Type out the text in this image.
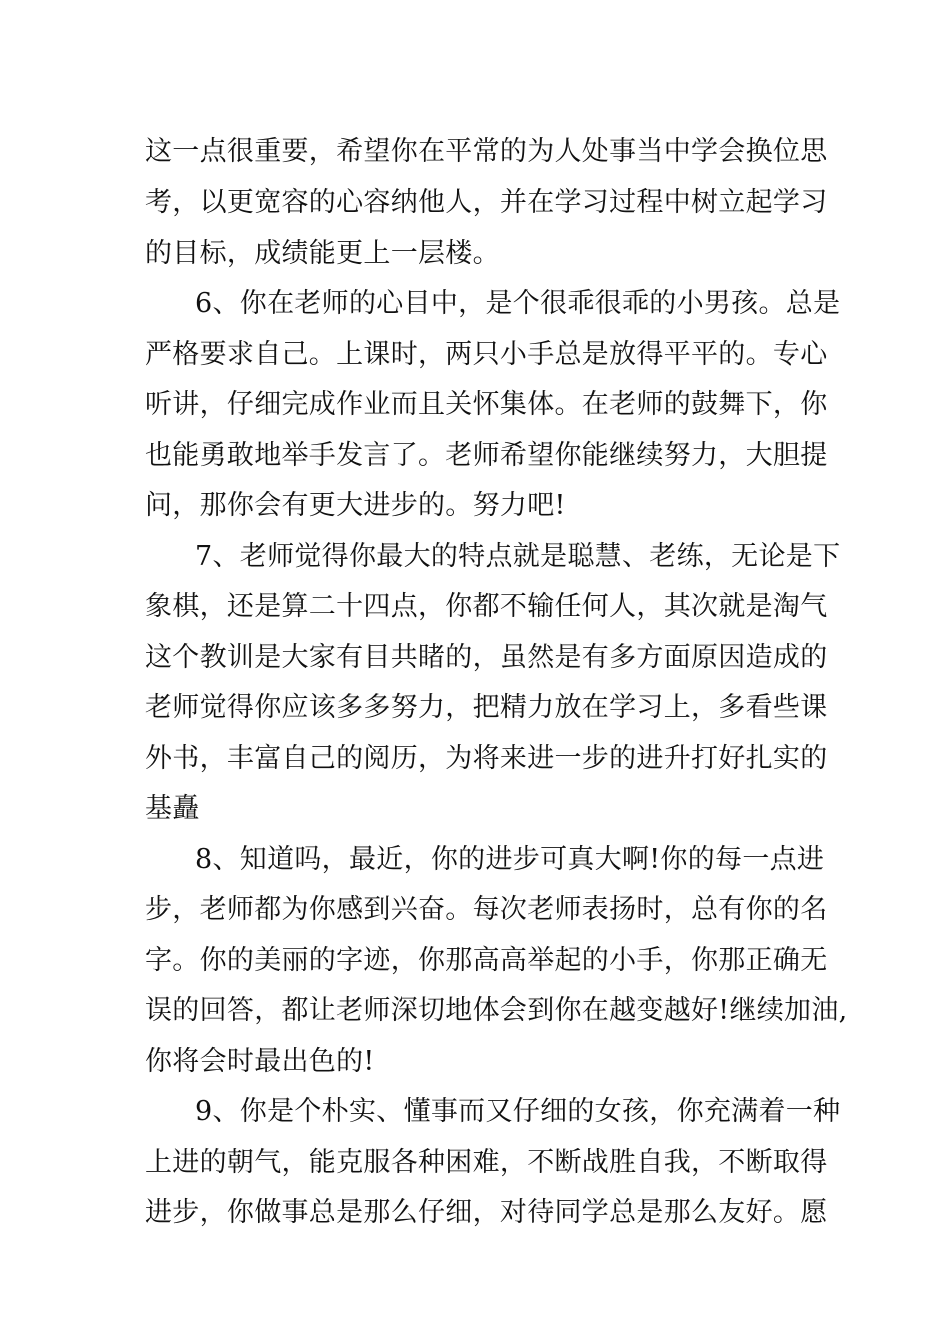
这一点很重要，希望你在平常的为人处事当中学会换位思
考，以更宽容的心容纳他人，并在学习过程中树立起学习
的目标，成绩能更上一层楼。
6、你在老师的心目中，是个很乖很乖的小男孩。总是
严格要求自己。上课时，两只小手总是放得平平的。专心
听讲，仔细完成作业而且关怀集体。在老师的鼓舞下，你
也能勇敢地举手发言了。老师希望你能继续努力，大胆提
问，那你会有更大进步的。努力吧!
7、老师觉得你最大的特点就是聪慧、老练，无论是下
象棋，还是算二十四点，你都不输任何人，其次就是淘气
这个教训是大家有目共睹的，虽然是有多方面原因造成的
老师觉得你应该多多努力，把精力放在学习上，多看些课
外书，丰富自己的阅历，为将来进一步的进升打好扎实的
基矗
8、知道吗，最近，你的进步可真大啊!你的每一点进
步，老师都为你感到兴奋。每次老师表扬时，总有你的名
字。你的美丽的字迹，你那高高举起的小手，你那正确无
误的回答，都让老师深切地体会到你在越变越好!继续加油,
你将会时最出色的!
9、你是个朴实、懂事而又仔细的女孩，你充满着一种
上进的朝气，能克服各种困难，不断战胜自我，不断取得
进步，你做事总是那么仔细，对待同学总是那么友好。愿
